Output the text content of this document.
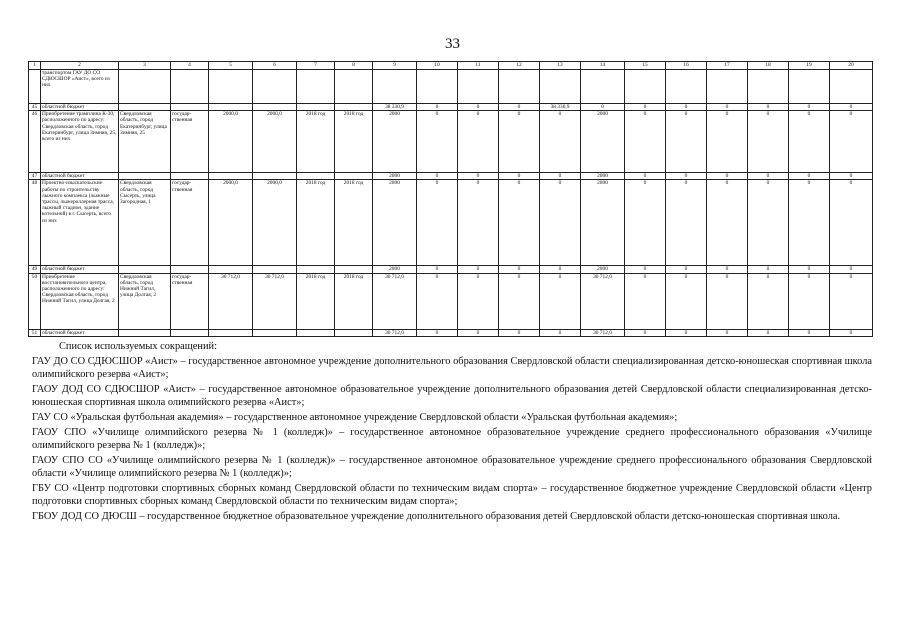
33
1	2	3	4	5	6	7	8	9	10	11	12	13	14	15	16	17	18	19	20
	транспортом ГАУ ДО СО СДЮСШОР «Аист», всего из них																		
45	областной бюджет							38 330,9	0	0	0	38 330,9	0	0	0	0	0	0	0
46	Приобретение трамплина К-30, расположенного по адресу: Свердловская область, город Екатеринбург, улица Зимняя, 25, всего из них	Свердловская область, город Екатеринбург, улица Зимняя, 25	государ-ственная	2000,0	2000,0	2018 год	2018 год	2000	0	0	0	0	2000	0	0	0	0	0	0
47	областной бюджет							2000	0	0	0	0	2000	0	0	0	0	0	0
48	Проектно-изыскательские работы по строительству лыжного комплекса (лыжные трассы, лыжероллерная трасса, лыжный стадион, здание котельной) в г. Сысерть, всего из них	Свердловская область, город Сысерть, улица Загородная, 1	государ-ственная	2000,0	2000,0	2018 год	2018 год	2000	0	0	0	0	2000	0	0	0	0	0	0
49	областной бюджет							2000	0	0	0	0	2000	0	0	0	0	0	0
50	Приобретение восстановительного центра, расположенного по адресу: Свердловская область, город Нижний Тагил, улица Долгая, 2	Свердловская область, город Нижний Тагил, улица Долгая, 2	государ-ственная	30 712,0	30 712,0	2018 год	2018 год	30 712,0	0	0	0	0	30 712,0	0	0	0	0	0	0
51	областной бюджет							30 712,0	0	0	0	0	30 712,0	0	0	0	0	0	0
Список используемых сокращений:

ГАУ ДО СО СДЮСШОР «Аист» – государственное автономное учреждение дополнительного образования Свердловской области специализированная детско-юношеская спортивная школа олимпийского резерва «Аист»;

ГАОУ ДОД СО СДЮСШОР «Аист» – государственное автономное образовательное учреждение дополнительного образования детей Свердловской области специализированная детско-юношеская спортивная школа олимпийского резерва «Аист»;

ГАУ СО «Уральская футбольная академия» – государственное автономное учреждение Свердловской области «Уральская футбольная академия»;

ГАОУ СПО «Училище олимпийского резерва № 1 (колледж)» – государственное автономное образовательное учреждение среднего профессионального образования «Училище олимпийского резерва № 1 (колледж)»;

ГАОУ СПО СО «Училище олимпийского резерва № 1 (колледж)» – государственное автономное образовательное учреждение среднего профессионального образования Свердловской области «Училище олимпийского резерва № 1 (колледж)»;

ГБУ СО «Центр подготовки спортивных сборных команд Свердловской области по техническим видам спорта» – государственное бюджетное учреждение Свердловской области «Центр подготовки спортивных сборных команд Свердловской области по техническим видам спорта»;

ГБОУ ДОД СО ДЮСШ – государственное бюджетное образовательное учреждение дополнительного образования детей Свердловской области детско-юношеская спортивная школа.
